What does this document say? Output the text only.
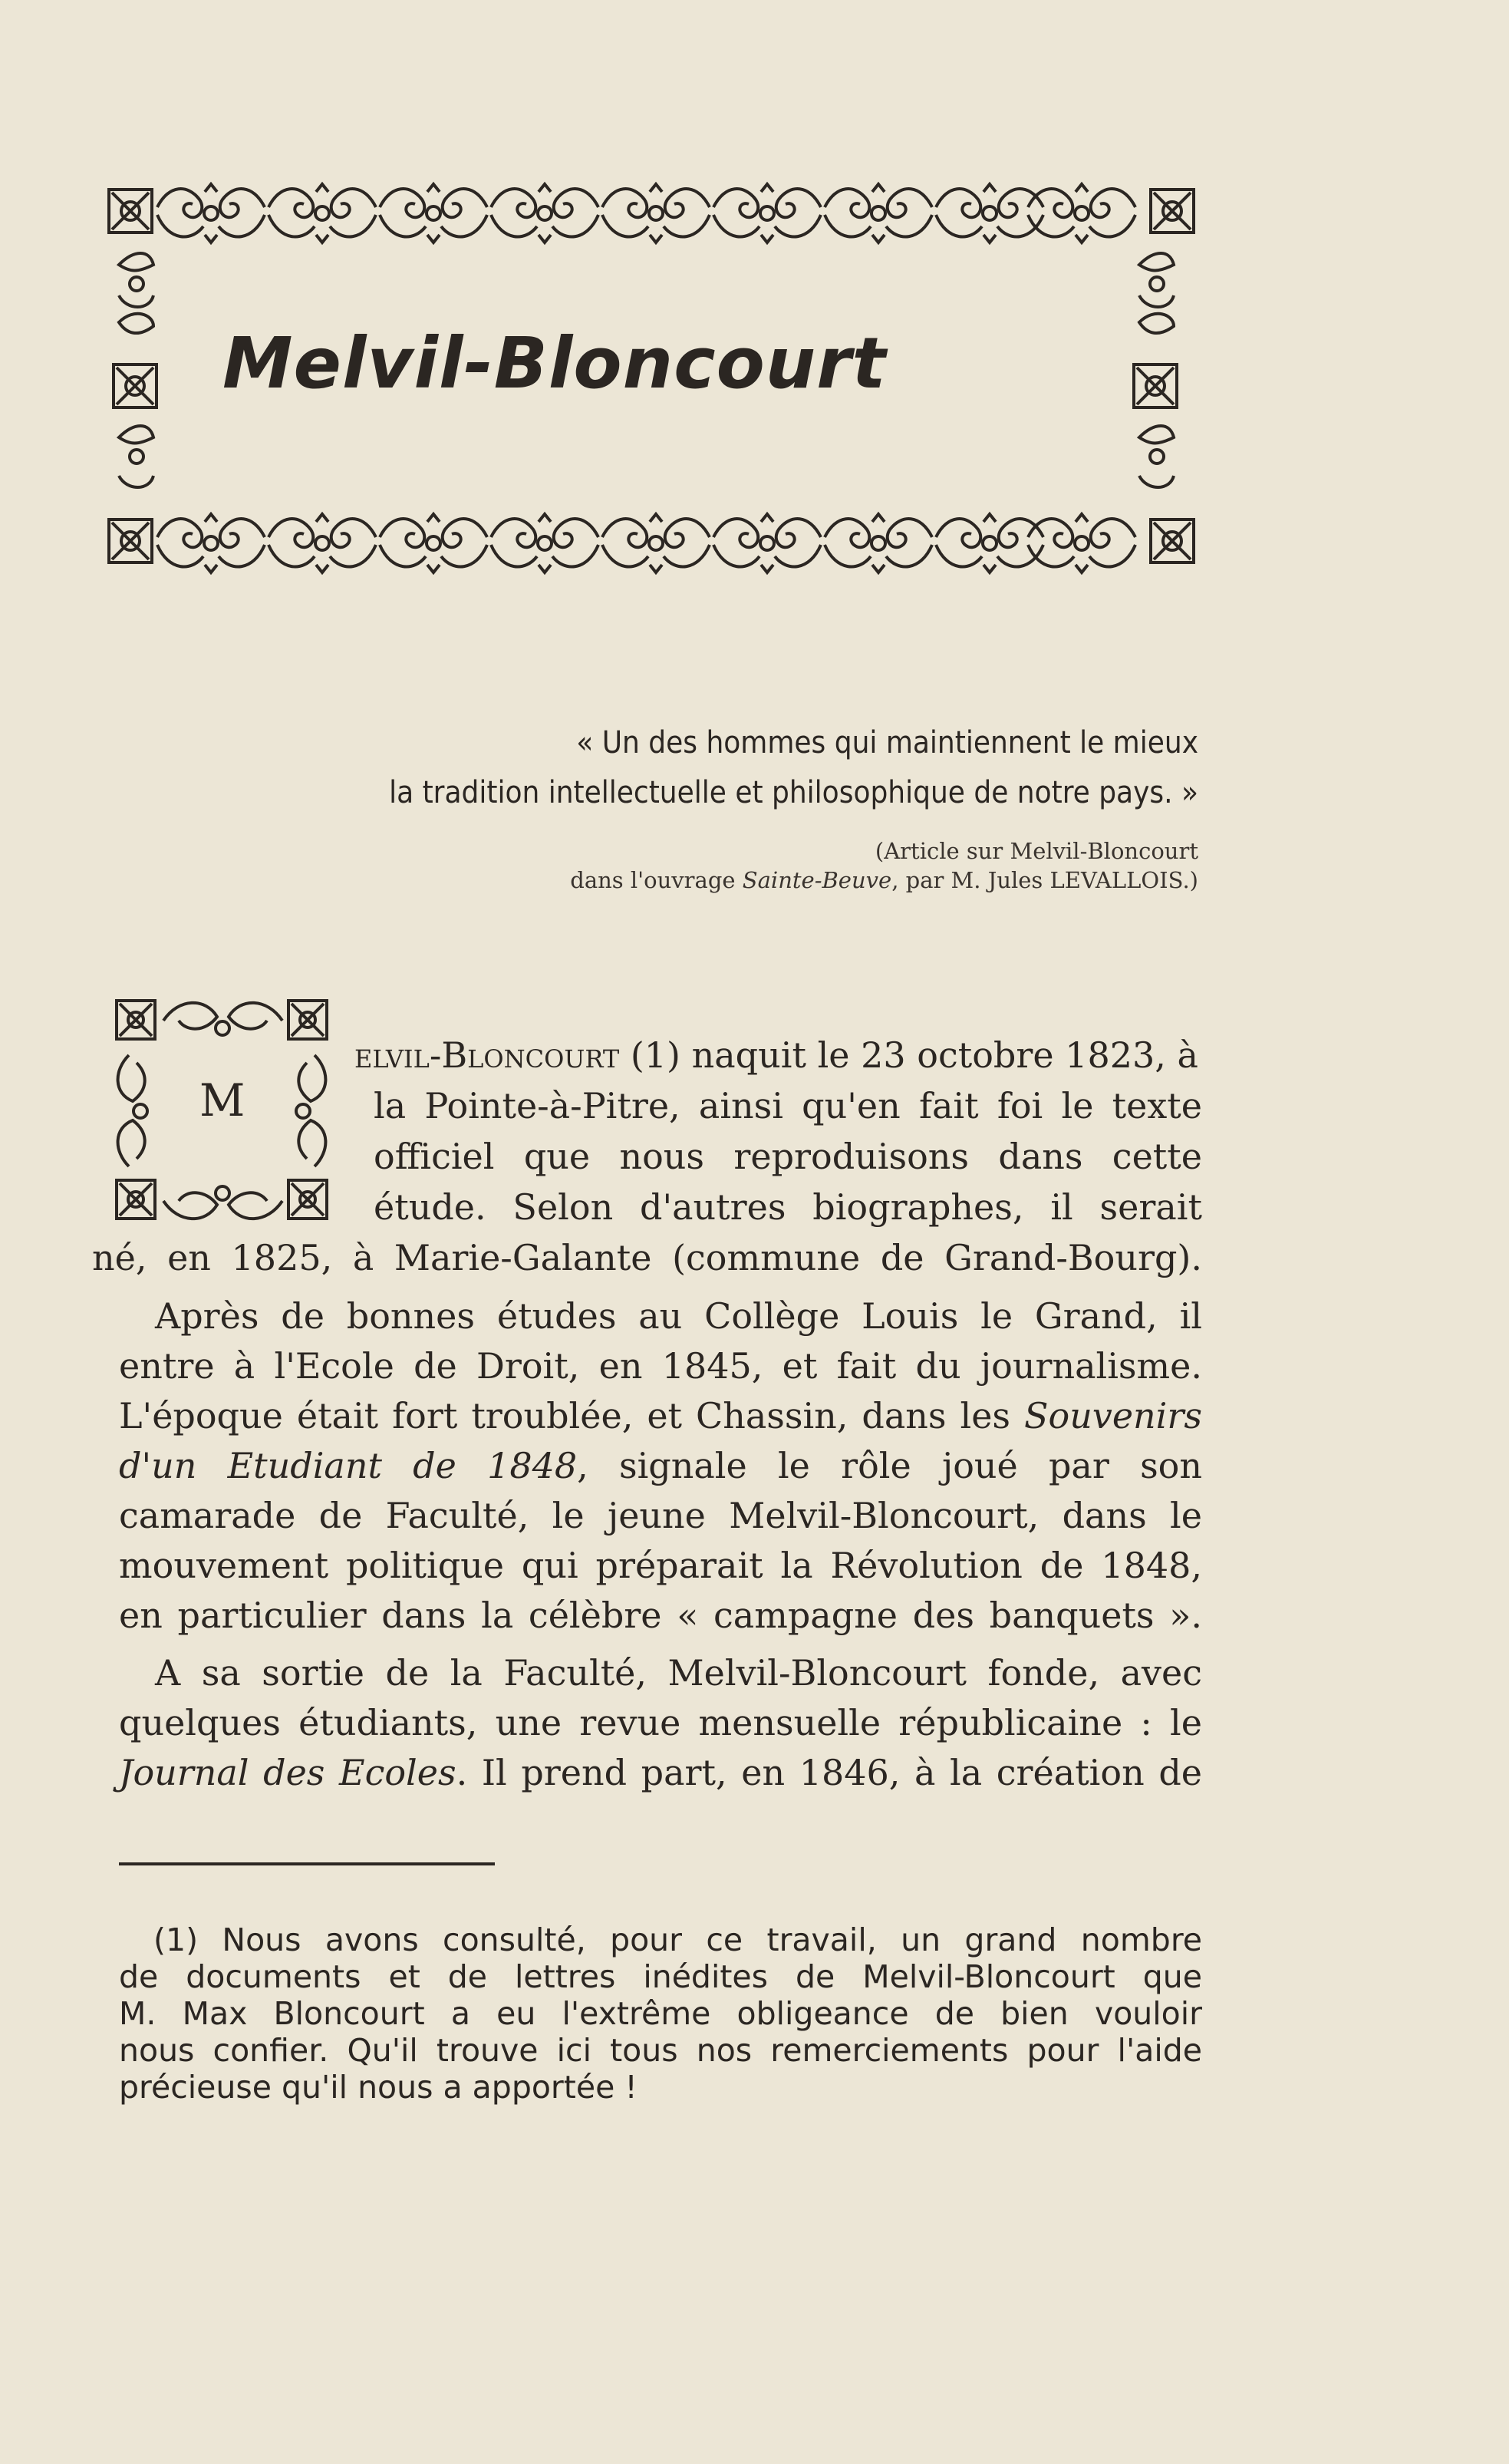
Melvil-Bloncourt

« Un des hommes qui maintiennent le mieux

la tradition intellectuelle et philosophique de notre pays. »

(Article sur Melvil-Bloncourt

dans l'ouvrage Sainte-Beuve, par M. Jules LEVALLOIS.)

M

elvil-Bloncourt (1) naquit le 23 octobre 1823, à

la Pointe-à-Pitre, ainsi qu'en fait foi le texte

officiel que nous reproduisons dans cette

étude. Selon d'autres biographes, il serait

né, en 1825, à Marie-Galante (commune de Grand-Bourg).

Après de bonnes études au Collège Louis le Grand, il

entre à l'Ecole de Droit, en 1845, et fait du journalisme.

L'époque était fort troublée, et Chassin, dans les Souvenirs

d'un Etudiant de 1848, signale le rôle joué par son

camarade de Faculté, le jeune Melvil-Bloncourt, dans le

mouvement politique qui préparait la Révolution de 1848,

en particulier dans la célèbre « campagne des banquets ».

A sa sortie de la Faculté, Melvil-Bloncourt fonde, avec

quelques étudiants, une revue mensuelle républicaine : le

Journal des Ecoles. Il prend part, en 1846, à la création de

(1) Nous avons consulté, pour ce travail, un grand nombre

de documents et de lettres inédites de Melvil-Bloncourt que

M. Max Bloncourt a eu l'extrême obligeance de bien vouloir

nous confier. Qu'il trouve ici tous nos remerciements pour l'aide

précieuse qu'il nous a apportée !
